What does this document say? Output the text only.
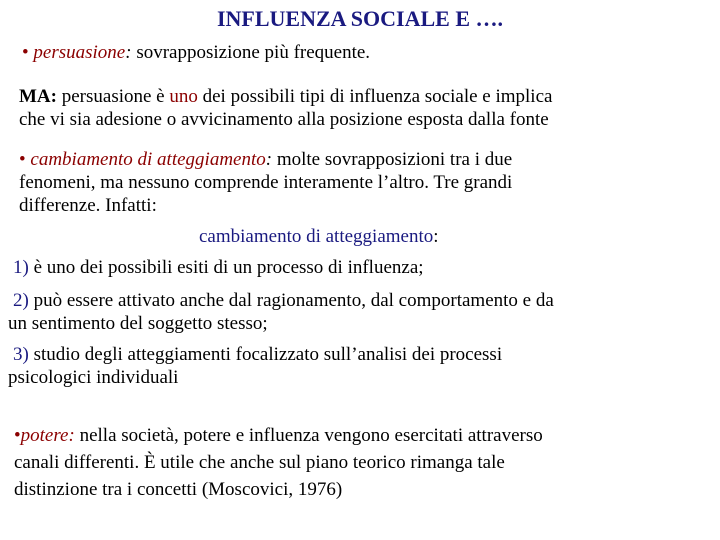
INFLUENZA SOCIALE E ….
• persuasione: sovrapposizione più frequente.
MA: persuasione è uno dei possibili tipi di influenza sociale e implica
che vi sia adesione o avvicinamento alla posizione esposta dalla fonte
• cambiamento di atteggiamento: molte sovrapposizioni tra i due
fenomeni, ma nessuno comprende interamente l’altro. Tre grandi
differenze. Infatti:
cambiamento di atteggiamento:
1) è uno dei possibili esiti di un processo di influenza;
2) può essere attivato anche dal ragionamento, dal comportamento e da
un sentimento del soggetto stesso;
3) studio degli atteggiamenti focalizzato sull’analisi dei processi
psicologici individuali
•potere: nella società, potere e influenza vengono esercitati attraverso
canali differenti. È utile che anche sul piano teorico rimanga tale
distinzione tra i concetti (Moscovici, 1976)
